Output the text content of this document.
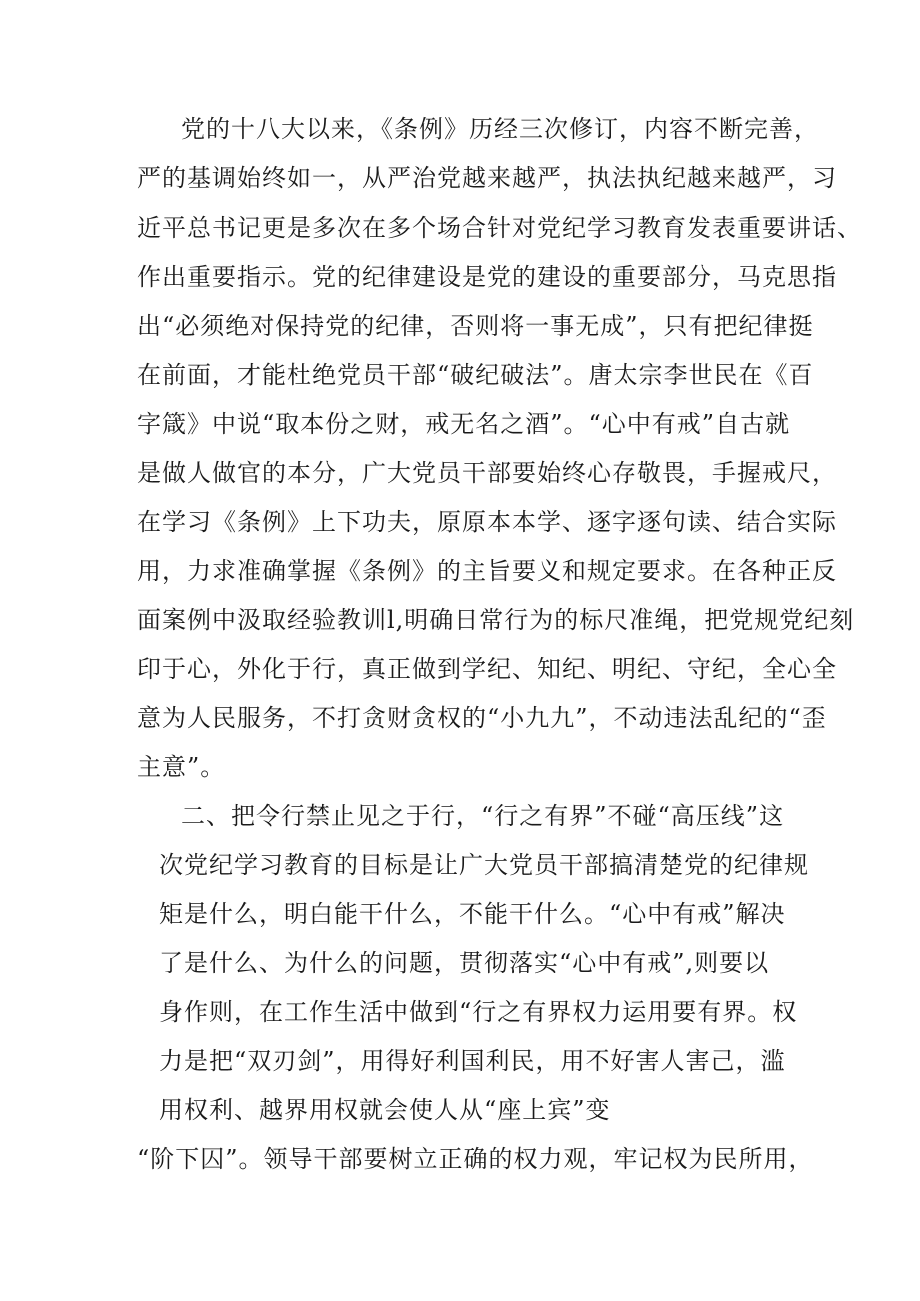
党的十八大以来，《条例》历经三次修订，内容不断完善，
严的基调始终如一，从严治党越来越严，执法执纪越来越严，习
近平总书记更是多次在多个场合针对党纪学习教育发表重要讲话、
作出重要指示。党的纪律建设是党的建设的重要部分，马克思指
出“必须绝对保持党的纪律，否则将一事无成”，只有把纪律挺
在前面，才能杜绝党员干部“破纪破法”。唐太宗李世民在《百
字箴》中说“取本份之财，戒无名之酒”。“心中有戒”自古就
是做人做官的本分，广大党员干部要始终心存敬畏，手握戒尺，
在学习《条例》上下功夫，原原本本学、逐字逐句读、结合实际
用，力求准确掌握《条例》的主旨要义和规定要求。在各种正反
面案例中汲取经验教训l,明确日常行为的标尺准绳，把党规党纪刻
印于心，外化于行，真正做到学纪、知纪、明纪、守纪，全心全
意为人民服务，不打贪财贪权的“小九九”，不动违法乱纪的“歪
主意”。
二、把令行禁止见之于行，“行之有界”不碰“高压线”这
次党纪学习教育的目标是让广大党员干部搞清楚党的纪律规
矩是什么，明白能干什么，不能干什么。“心中有戒”解决
了是什么、为什么的问题，贯彻落实“心中有戒”,则要以
身作则，在工作生活中做到“行之有界权力运用要有界。权
力是把“双刃剑”，用得好利国利民，用不好害人害己，滥
用权利、越界用权就会使人从“座上宾”变
“阶下囚”。领导干部要树立正确的权力观，牢记权为民所用，
